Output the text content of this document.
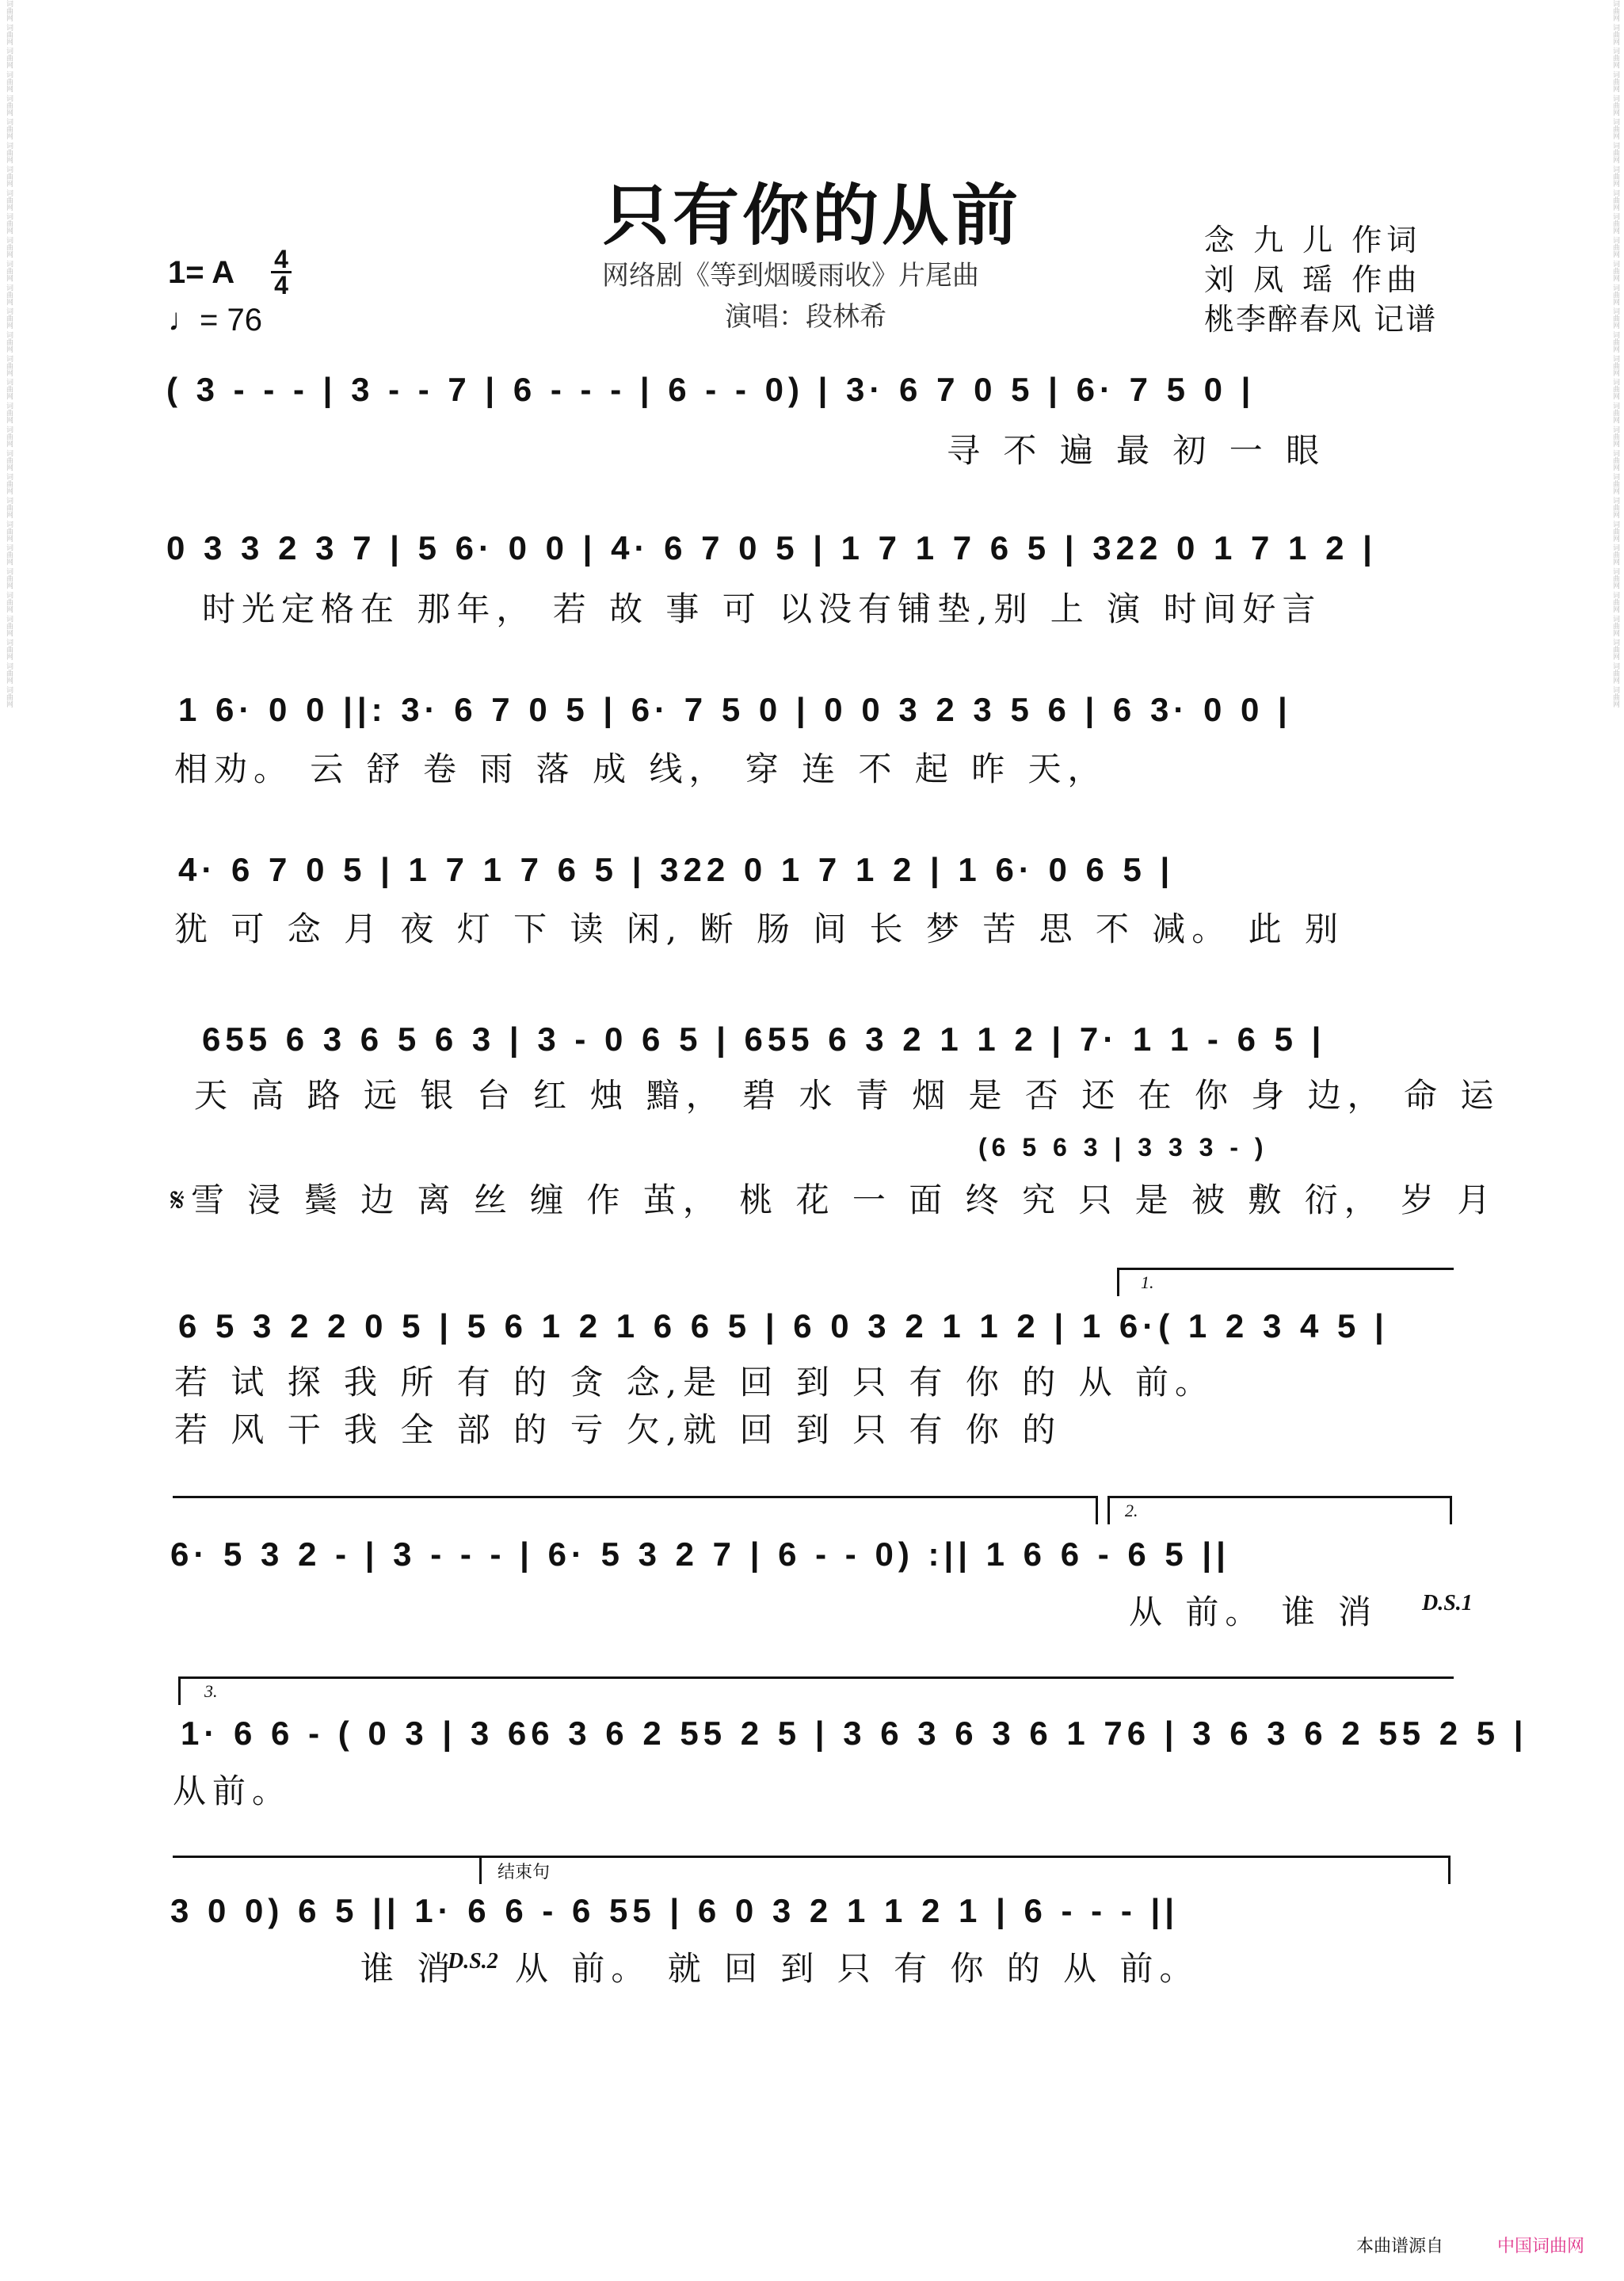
词曲网 词曲网 词曲网 词曲网 词曲网 词曲网 词曲网 词曲网 词曲网 词曲网 词曲网 词曲网 词曲网 词曲网 词曲网 词曲网 词曲网 词曲网 词曲网 词曲网 词曲网 词曲网 词曲网 词曲网 词曲网 词曲网 词曲网 词曲网 词曲网 词曲网	词曲网 词曲网 词曲网 词曲网 词曲网 词曲网 词曲网 词曲网 词曲网 词曲网 词曲网 词曲网 词曲网 词曲网 词曲网 词曲网 词曲网 词曲网 词曲网 词曲网 词曲网 词曲网 词曲网 词曲网 词曲网 词曲网 词曲网 词曲网 词曲网 词曲网
只有你的从前
网络剧《等到烟暖雨收》片尾曲
演唱：段林希
念 九 儿 作词
刘 凤 瑶 作曲
桃李醉春风 记谱
1= A 4
4
♩= 76
( 3 - - - | 3 - - 7 | 6 - - - | 6 - - 0) | 3· 6 7 0 5 | 6· 7 5 0 |
寻 不 遍 最 初 一 眼
0 3 3 2 3 7 | 5 6· 0 0 | 4· 6 7 0 5 | 1 7 1 7 6 5 | 322 0 1 7 1 2 |
时光定格在 那年， 若 故 事 可 以没有铺垫,别 上 演 时间好言
1 6· 0 0 ||: 3· 6 7 0 5 | 6· 7 5 0 | 0 0 3 2 3 5 6 | 6 3· 0 0 |
相劝。 云 舒 卷 雨 落 成 线， 穿 连 不 起 昨 天，
4· 6 7 0 5 | 1 7 1 7 6 5 | 322 0 1 7 1 2 | 1 6· 0 6 5 |
犹 可 念 月 夜 灯 下 读 闲, 断 肠 间 长 梦 苦 思 不 减。 此 别
655 6 3 6 5 6 3 | 3 - 0 6 5 | 655 6 3 2 1 1 2 | 7· 1 1 - 6 5 |
天 高 路 远 银 台 红 烛 黯， 碧 水 青 烟 是 否 还 在 你 身 边， 命 运
(6 5 6 3 | 3 3 3 - )
𝄋雪 浸 鬓 边 离 丝 缠 作 茧， 桃 花 一 面 终 究 只 是 被 敷 衍， 岁 月
1.
6 5 3 2 2 0 5 | 5 6 1 2 1 6 6 5 | 6 0 3 2 1 1 2 | 1 6·( 1 2 3 4 5 |
若 试 探 我 所 有 的 贪 念,是 回 到 只 有 你 的 从 前。
若 风 干 我 全 部 的 亏 欠,就 回 到 只 有 你 的
2.
6· 5 3 2 - | 3 - - - | 6· 5 3 2 7 | 6 - - 0) :|| 1 6 6 - 6 5 ||
从 前。 谁 消 D.S.1
3.
1· 6 6 - ( 0 3 | 3 66 3 6 2 55 2 5 | 3 6 3 6 3 6 1 76 | 3 6 3 6 2 55 2 5 |
从前。
结束句
3 0 0) 6 5 || 1· 6 6 - 6 55 | 6 0 3 2 1 1 2 1 | 6 - - - ||
谁 消
D.S.2 从 前。 就 回 到 只 有 你 的 从 前。
本曲谱源自	中国词曲网
